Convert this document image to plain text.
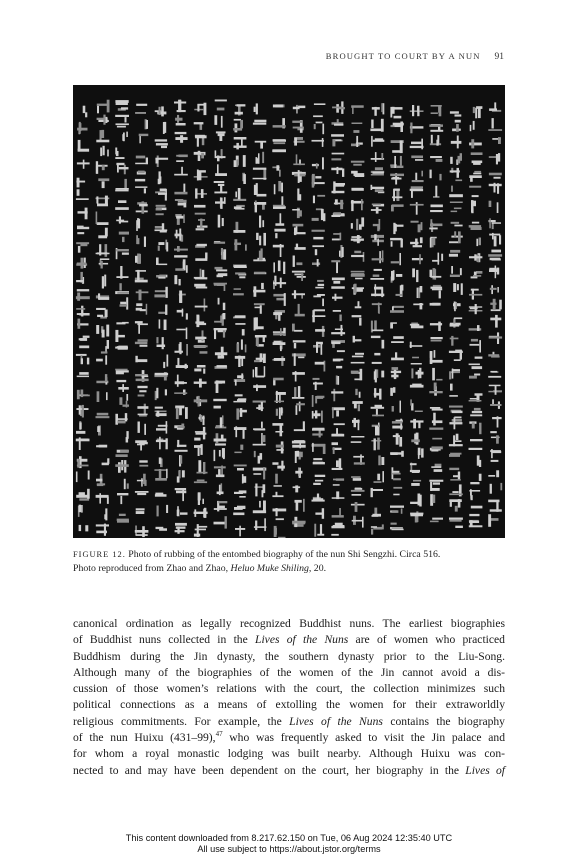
BROUGHT TO COURT BY A NUN 91
FIGURE 12. Photo of rubbing of the entombed biography of the nun Shi Sengzhi. Circa 516.
Photo reproduced from Zhao and Zhao, Heluo Muke Shiling, 20.
canonical ordination as legally recognized Buddhist nuns. The earliest biographies
of Buddhist nuns collected in the Lives of the Nuns are of women who practiced
Buddhism during the Jin dynasty, the southern dynasty prior to the Liu-Song.
Although many of the biographies of the women of the Jin cannot avoid a dis-
cussion of those women’s relations with the court, the collection minimizes such
political connections as a means of extolling the women for their extraworldly
religious commitments. For example, the Lives of the Nuns contains the biography
of the nun Huixu (431–99),$^{47}$ who was frequently asked to visit the Jin palace and
for whom a royal monastic lodging was built nearby. Although Huixu was con-
nected to and may have been dependent on the court, her biography in the Lives of
This content downloaded from 8.217.62.150 on Tue, 06 Aug 2024 12:35:40 UTC
All use subject to https://about.jstor.org/terms
